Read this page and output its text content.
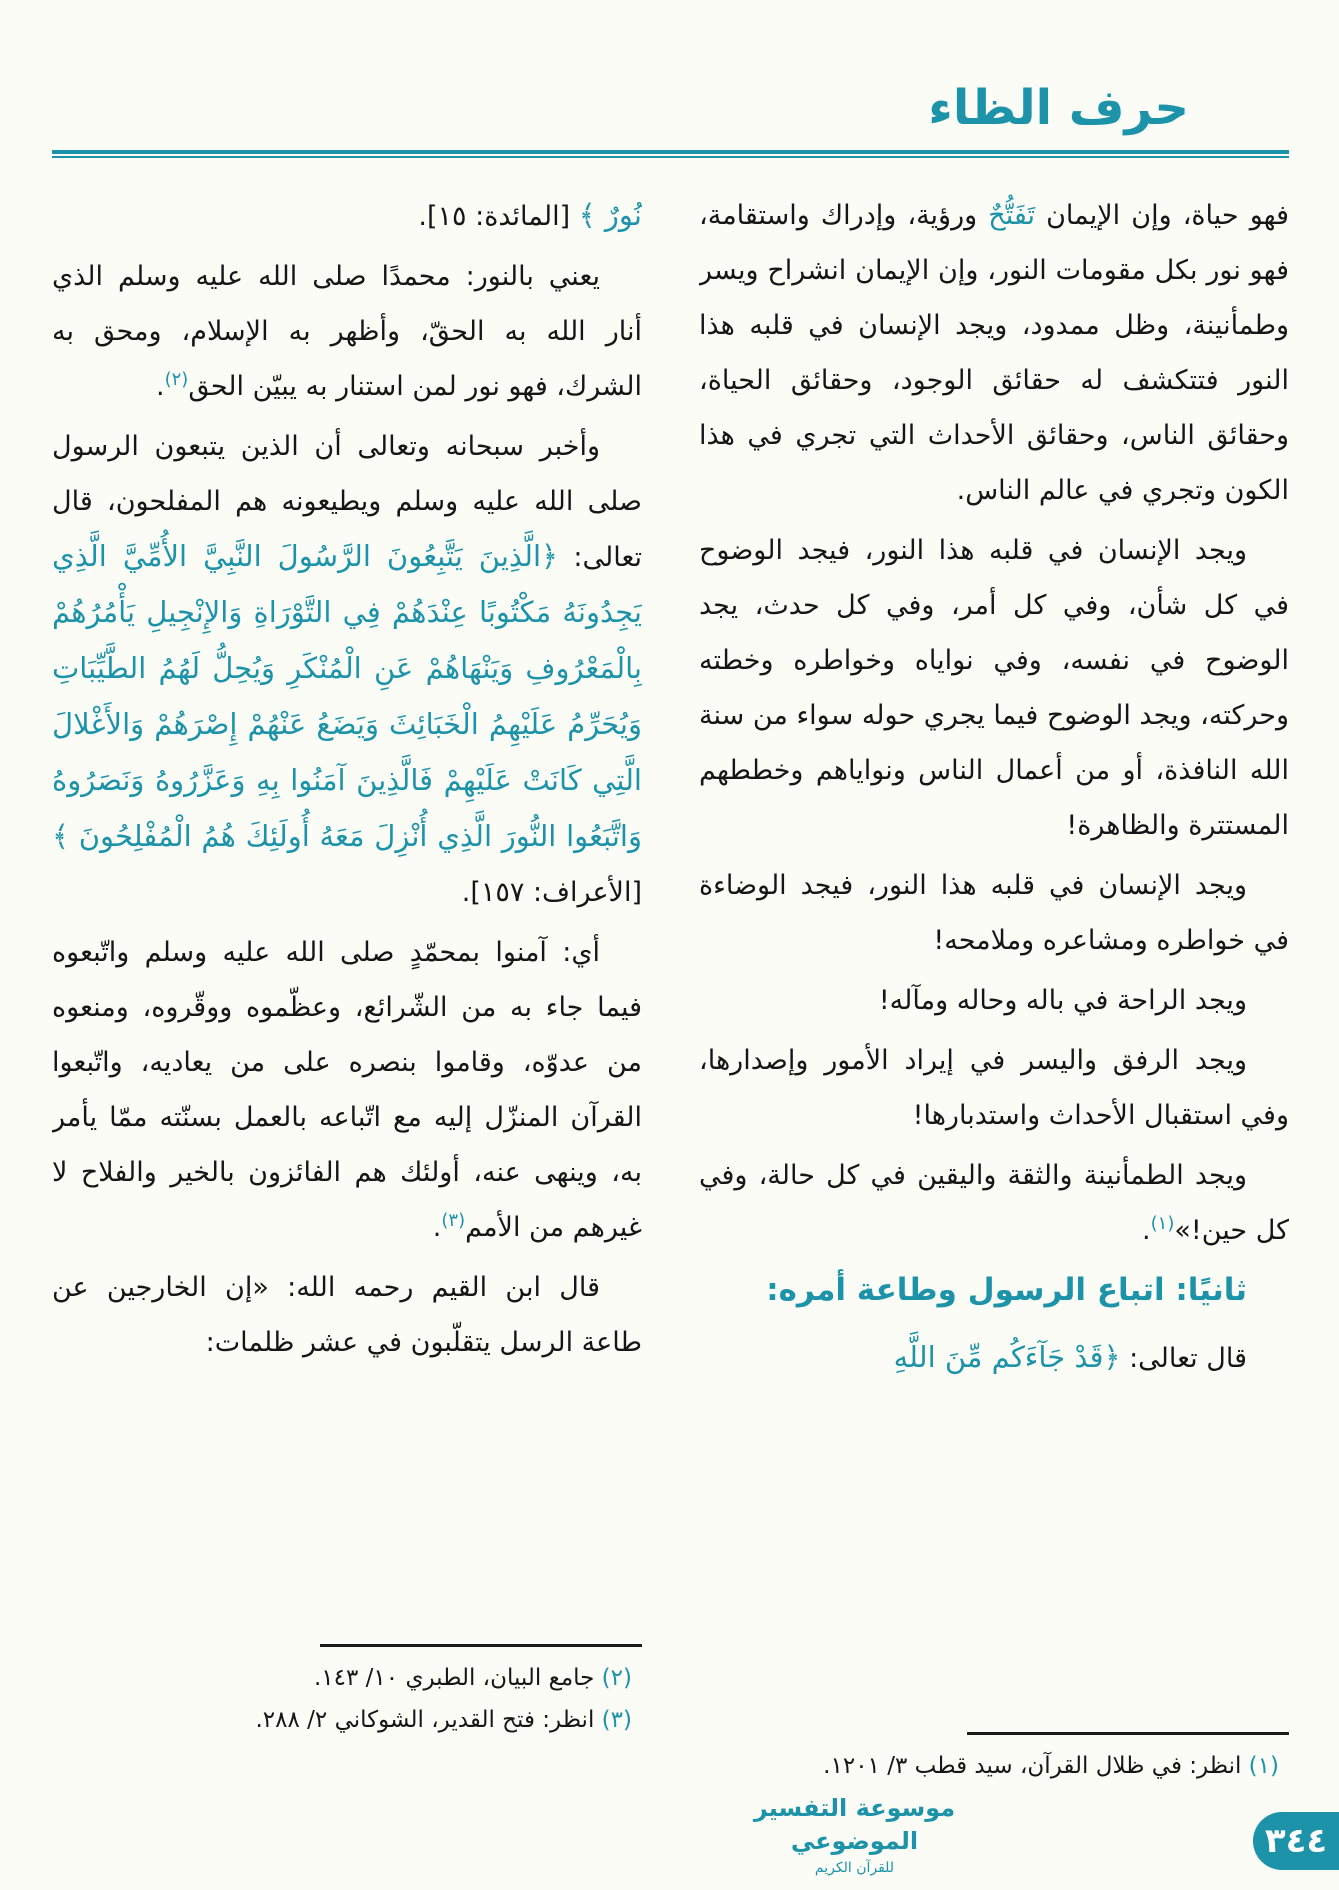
حرف الظاء

فهو حياة، وإن الإيمان تَفَتُّحٌ ورؤية، وإدراك واستقامة، فهو نور بكل مقومات النور، وإن الإيمان انشراح ويسر وطمأنينة، وظل ممدود، ويجد الإنسان في قلبه هذا النور فتتكشف له حقائق الوجود، وحقائق الحياة، وحقائق الناس، وحقائق الأحداث التي تجري في هذا الكون وتجري في عالم الناس.

ويجد الإنسان في قلبه هذا النور، فيجد الوضوح في كل شأن، وفي كل أمر، وفي كل حدث، يجد الوضوح في نفسه، وفي نواياه وخواطره وخطته وحركته، ويجد الوضوح فيما يجري حوله سواء من سنة الله النافذة، أو من أعمال الناس ونواياهم وخططهم المستترة والظاهرة!

ويجد الإنسان في قلبه هذا النور، فيجد الوضاءة في خواطره ومشاعره وملامحه!

ويجد الراحة في باله وحاله ومآله!

ويجد الرفق واليسر في إيراد الأمور وإصدارها، وفي استقبال الأحداث واستدبارها!

ويجد الطمأنينة والثقة واليقين في كل حالة، وفي كل حين!»$^{(١)}$.

ثانيًا: اتباع الرسول وطاعة أمره:

قال تعالى: ﴿قَدْ جَآءَكُم مِّنَ اللَّهِ

نُورٌ ﴾ [المائدة: ١٥].

يعني بالنور: محمدًا صلى الله عليه وسلم الذي أنار الله به الحقّ، وأظهر به الإسلام، ومحق به الشرك، فهو نور لمن استنار به يبيّن الحق$^{(٢)}$.

وأخبر سبحانه وتعالى أن الذين يتبعون الرسول صلى الله عليه وسلم ويطيعونه هم المفلحون، قال تعالى: ﴿الَّذِينَ يَتَّبِعُونَ الرَّسُولَ النَّبِيَّ الأُمِّيَّ الَّذِي يَجِدُونَهُ مَكْتُوبًا عِنْدَهُمْ فِي التَّوْرَاةِ وَالإِنْجِيلِ يَأْمُرُهُمْ بِالْمَعْرُوفِ وَيَنْهَاهُمْ عَنِ الْمُنْكَرِ وَيُحِلُّ لَهُمُ الطَّيِّبَاتِ وَيُحَرِّمُ عَلَيْهِمُ الْخَبَائِثَ وَيَضَعُ عَنْهُمْ إِصْرَهُمْ وَالأَغْلالَ الَّتِي كَانَتْ عَلَيْهِمْ فَالَّذِينَ آمَنُوا بِهِ وَعَزَّرُوهُ وَنَصَرُوهُ وَاتَّبَعُوا النُّورَ الَّذِي أُنْزِلَ مَعَهُ أُولَئِكَ هُمُ الْمُفْلِحُونَ ﴾ [الأعراف: ١٥٧].

أي: آمنوا بمحمّدٍ صلى الله عليه وسلم واتّبعوه فيما جاء به من الشّرائع، وعظّموه ووقّروه، ومنعوه من عدوّه، وقاموا بنصره على من يعاديه، واتّبعوا القرآن المنزّل إليه مع اتّباعه بالعمل بسنّته ممّا يأمر به، وينهى عنه، أولئك هم الفائزون بالخير والفلاح لا غيرهم من الأمم$^{(٣)}$.

قال ابن القيم رحمه الله: «إن الخارجين عن طاعة الرسل يتقلّبون في عشر ظلمات:

(٢) جامع البيان، الطبري ١٠/ ١٤٣.

(٣) انظر: فتح القدير، الشوكاني ٢/ ٢٨٨.

(١) انظر: في ظلال القرآن، سيد قطب ٣/ ١٢٠١.

موسوعة التفسير الموضوعي
للقرآن الكريم
٣٤٤
